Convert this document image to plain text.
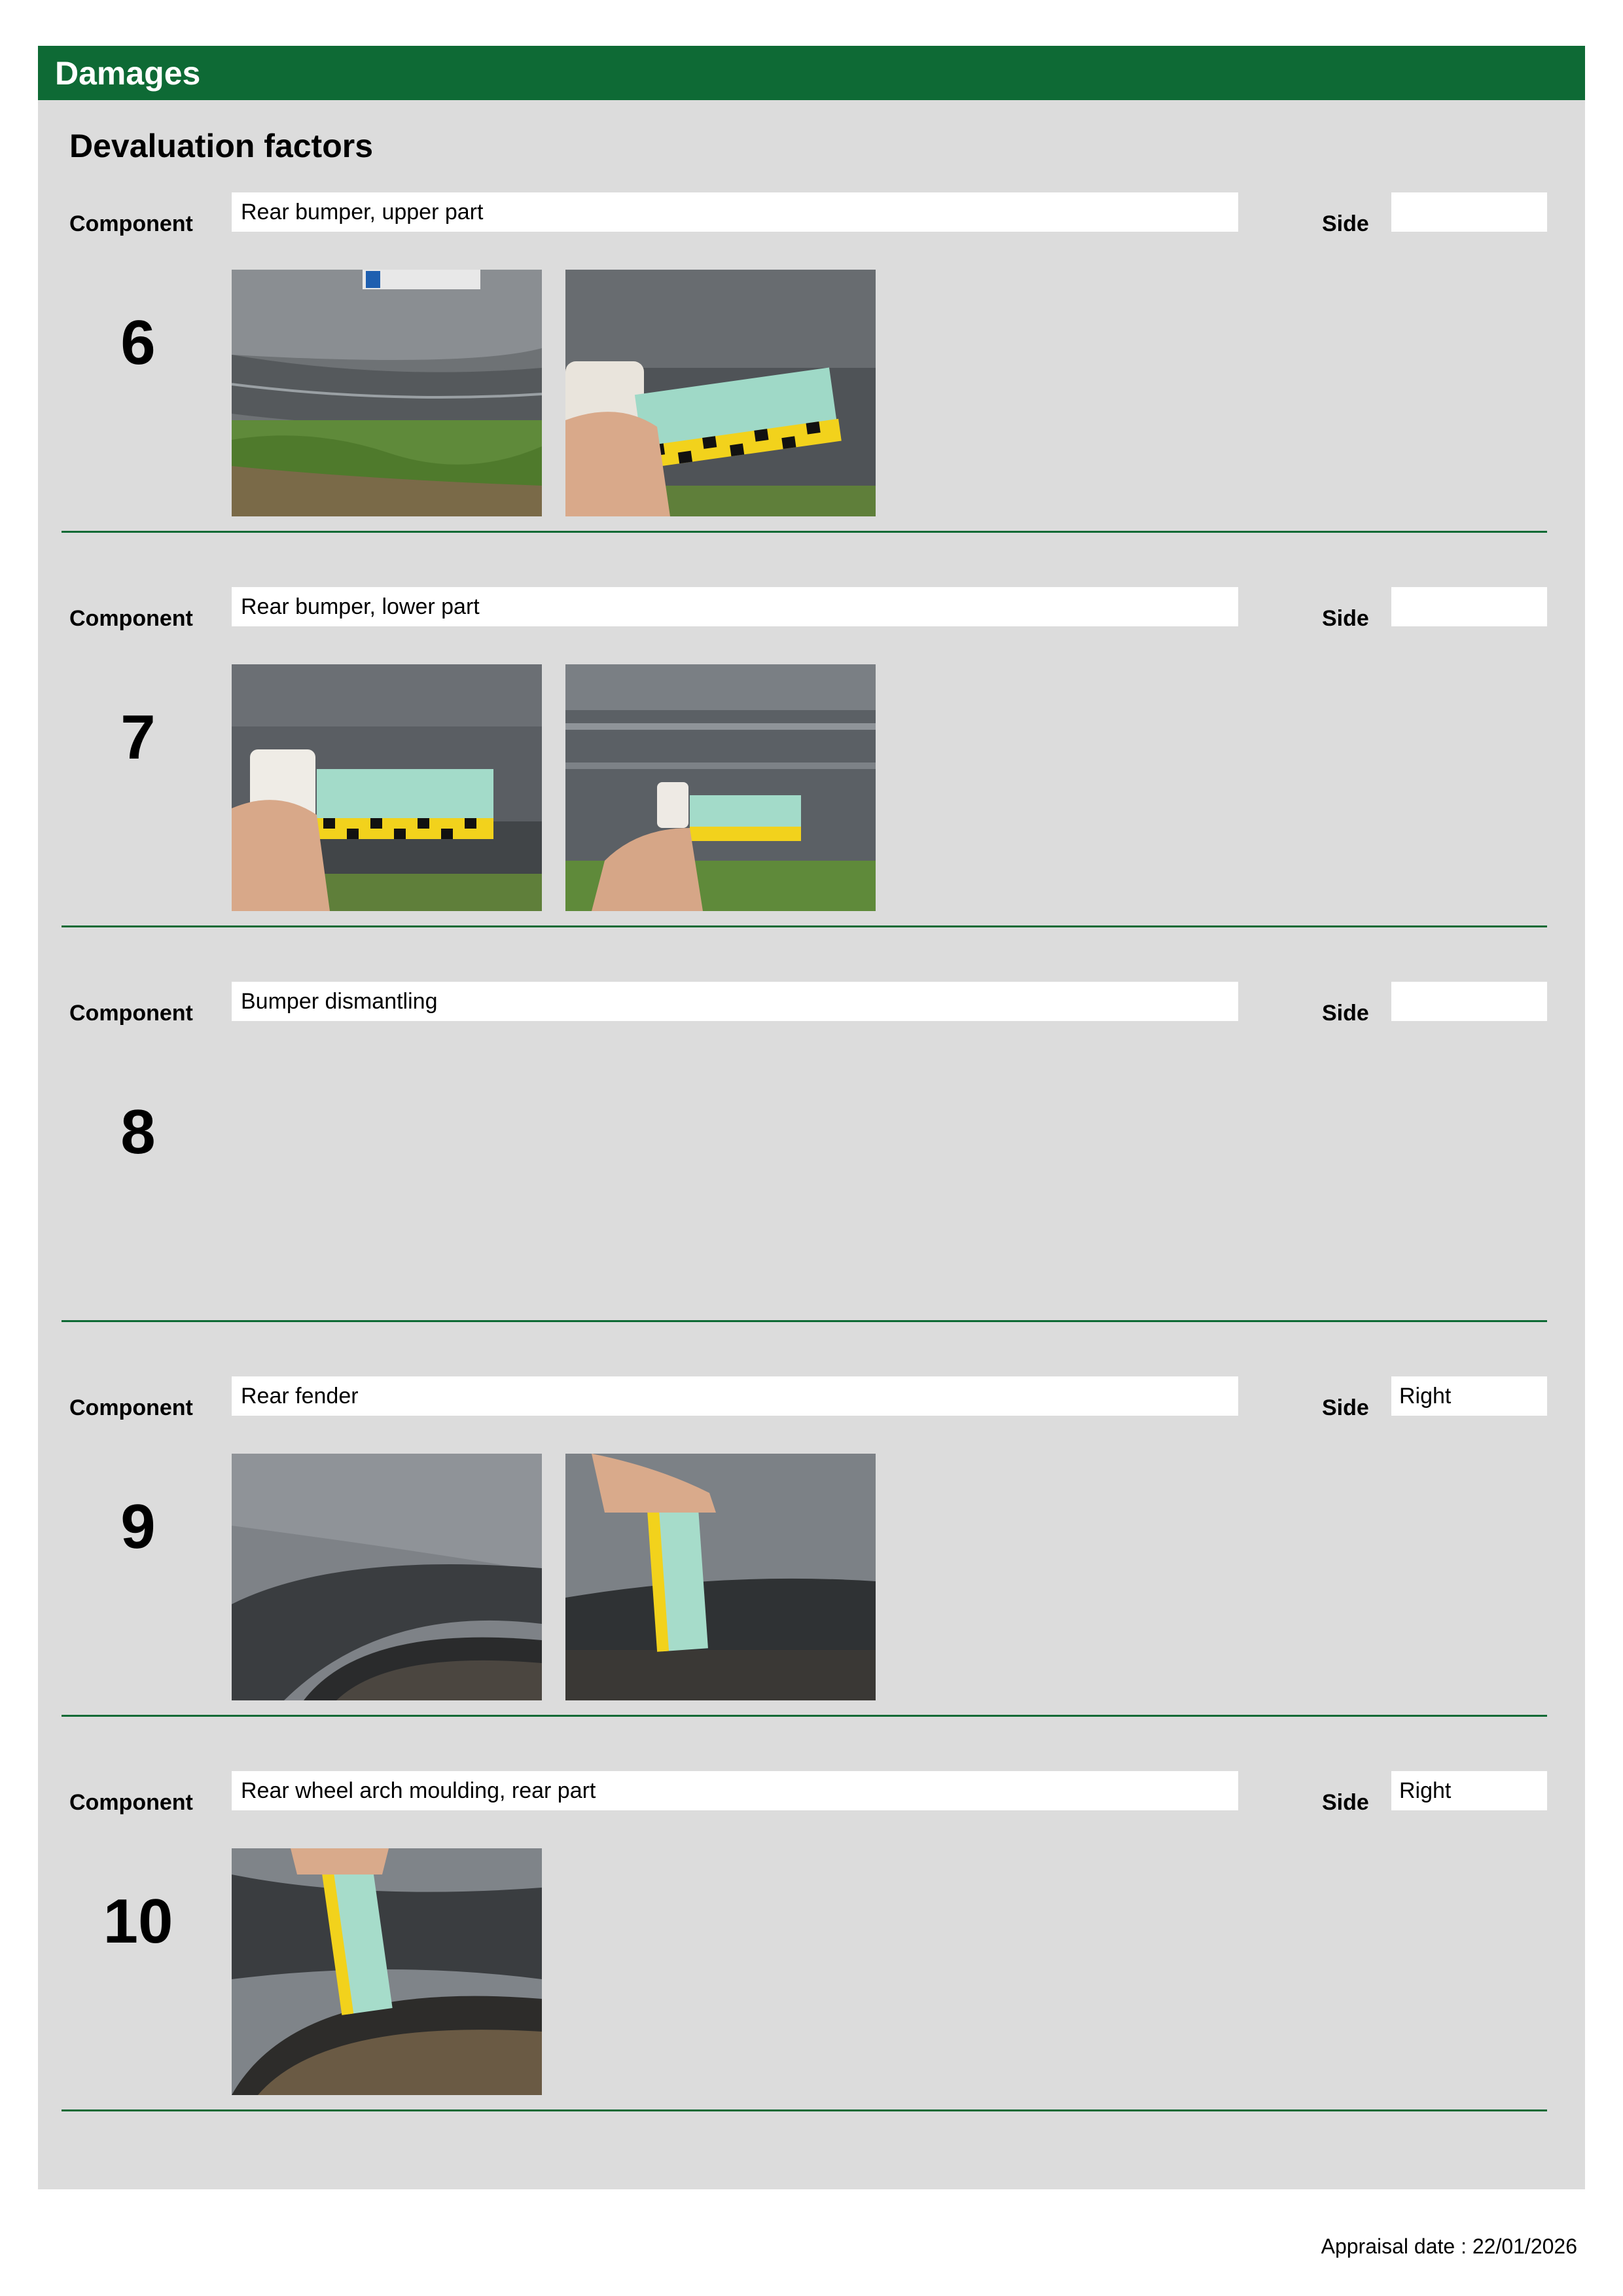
Damages
Devaluation factors
Component	Rear bumper, upper part	Side
6
Component	Rear bumper, lower part	Side
7
Component	Bumper dismantling	Side
8
Component	Rear fender	Side	Right
9
Component	Rear wheel arch moulding, rear part	Side	Right
10
Appraisal date : 22/01/2026
